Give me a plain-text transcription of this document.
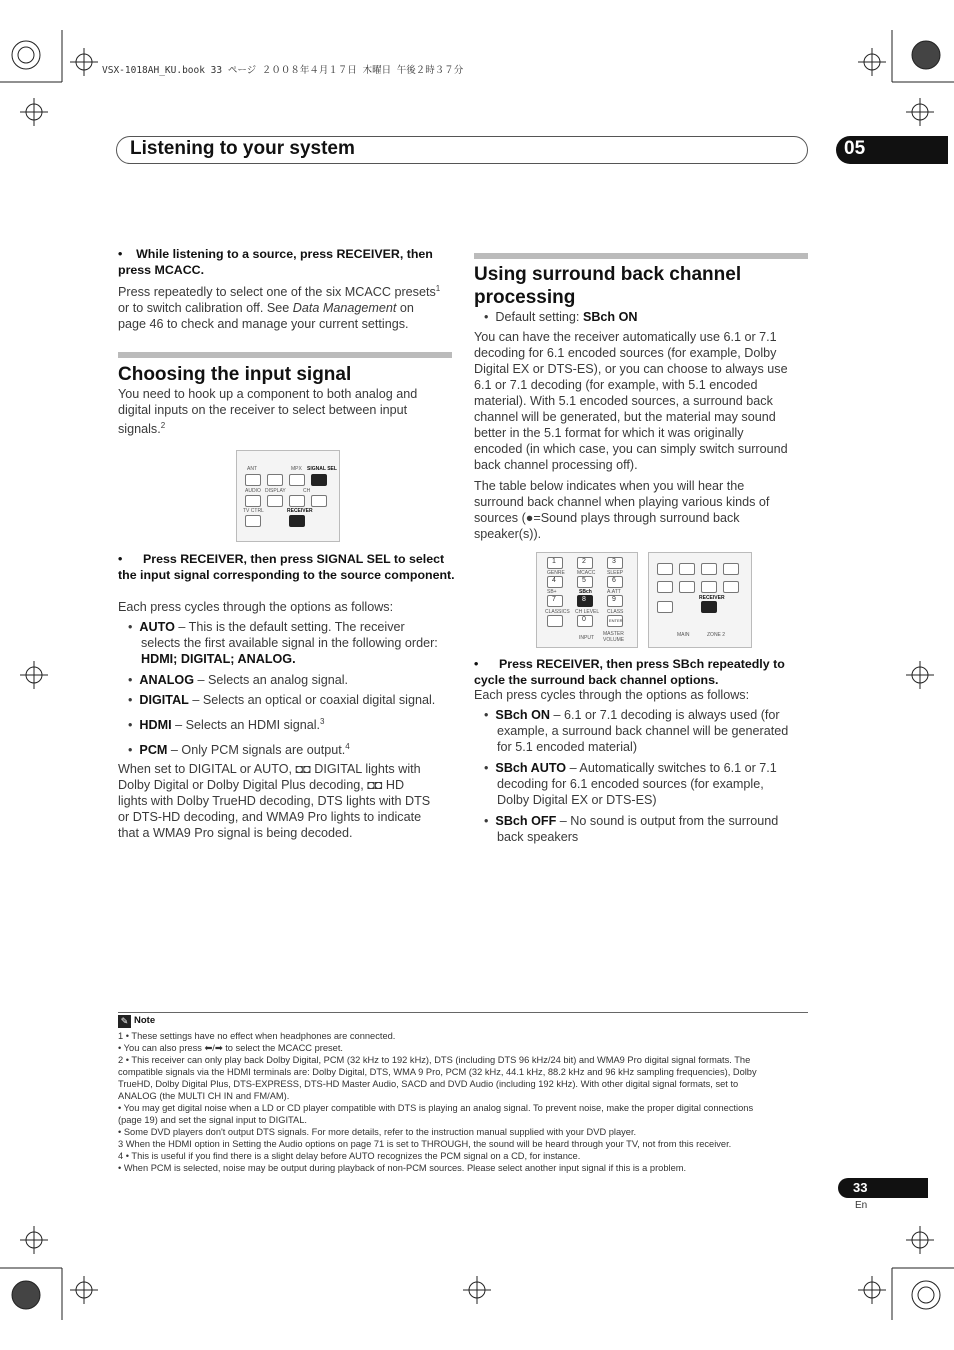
VSX-1018AH_KU.book 33 ページ ２００８年４月１７日 木曜日 午後２時３７分
Listening to your system	05
•    While listening to a source, press RECEIVER, then press MCACC.
Press repeatedly to select one of the six MCACC presets$^1$
or to switch calibration off. See Data Management on
page 46 to check and manage your current settings.
Choosing the input signal
You need to hook up a component to both analog and
digital inputs on the receiver to select between input
signals.$^2$
ANT	MPX SIGNAL SEL
AUDIO DISPLAY	CH
TV CTRL	RECEIVER
•      Press RECEIVER, then press SIGNAL SEL to select the input signal corresponding to the source component.
Each press cycles through the options as follows:
•  AUTO – This is the default setting. The receiver
selects the first available signal in the following order:
HDMI; DIGITAL; ANALOG.
•  ANALOG – Selects an analog signal.
•  DIGITAL – Selects an optical or coaxial digital signal.
•  HDMI – Selects an HDMI signal.$^3$
•  PCM – Only PCM signals are output.$^4$
When set to DIGITAL or AUTO, ◘◘ DIGITAL lights with
Dolby Digital or Dolby Digital Plus decoding, ◘◘ HD
lights with Dolby TrueHD decoding, DTS lights with DTS
or DTS-HD decoding, and WMA9 Pro lights to indicate
that a WMA9 Pro signal is being decoded.
Using surround back channel
processing
•  Default setting: SBch ON
You can have the receiver automatically use 6.1 or 7.1
decoding for 6.1 encoded sources (for example, Dolby
Digital EX or DTS-ES), or you can choose to always use
6.1 or 7.1 decoding (for example, with 5.1 encoded
material). With 5.1 encoded sources, a surround back
channel will be generated, but the material may sound
better in the 5.1 format for which it was originally
encoded (in which case, you can simply switch surround
back channel processing off).
The table below indicates when you will hear the
surround back channel when playing various kinds of
sources (●=Sound plays through surround back
speaker(s)).
1	2	3
GENRE MCACC SLEEP
4	5	6
SB+	SBch	A.ATT
7	8	9
CLASSICS CH LEVEL CLASS
0	ENTER
INPUT
MASTER VOLUME
RECEIVER
MAIN	ZONE 2
•      Press RECEIVER, then press SBch repeatedly to cycle the surround back channel options.
Each press cycles through the options as follows:
•  SBch ON – 6.1 or 7.1 decoding is always used (for
example, a surround back channel will be generated
for 5.1 encoded material)
•  SBch AUTO – Automatically switches to 6.1 or 7.1
decoding for 6.1 encoded sources (for example,
Dolby Digital EX or DTS-ES)
•  SBch OFF – No sound is output from the surround
back speakers
✎ Note
1 • These settings have no effect when headphones are connected.
• You can also press ⬅/➡ to select the MCACC preset.
2 • This receiver can only play back Dolby Digital, PCM (32 kHz to 192 kHz), DTS (including DTS 96 kHz/24 bit) and WMA9 Pro digital signal formats. The
compatible signals via the HDMI terminals are: Dolby Digital, DTS, WMA 9 Pro, PCM (32 kHz, 44.1 kHz, 88.2 kHz and 96 kHz sampling frequencies), Dolby
TrueHD, Dolby Digital Plus, DTS-EXPRESS, DTS-HD Master Audio, SACD and DVD Audio (including 192 kHz). With other digital signal formats, set to
ANALOG (the MULTI CH IN and FM/AM).
• You may get digital noise when a LD or CD player compatible with DTS is playing an analog signal. To prevent noise, make the proper digital connections
(page 19) and set the signal input to DIGITAL.
• Some DVD players don't output DTS signals. For more details, refer to the instruction manual supplied with your DVD player.
3 When the HDMI option in Setting the Audio options on page 71 is set to THROUGH, the sound will be heard through your TV, not from this receiver.
4 • This is useful if you find there is a slight delay before AUTO recognizes the PCM signal on a CD, for instance.
• When PCM is selected, noise may be output during playback of non-PCM sources. Please select another input signal if this is a problem.
33
En
